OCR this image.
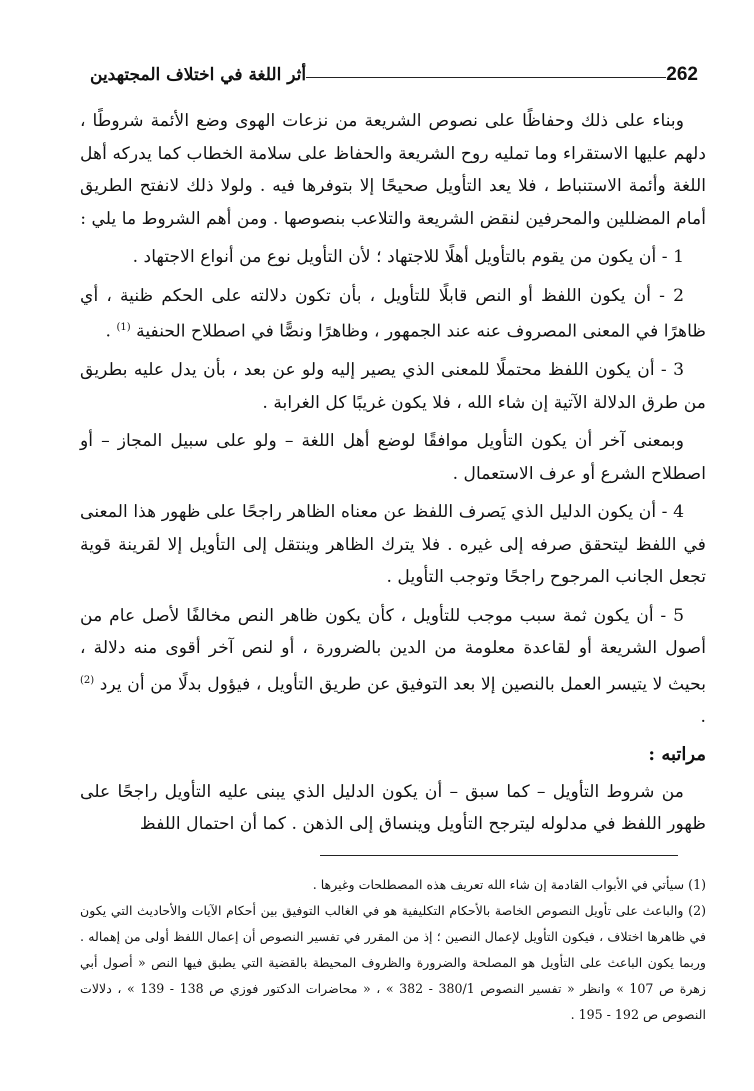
262
أثر اللغة في اختلاف المجتهدين

وبناء على ذلك وحفاظًا على نصوص الشريعة من نزعات الهوى وضع الأئمة شروطًا ، دلهم عليها الاستقراء وما تمليه روح الشريعة والحفاظ على سلامة الخطاب كما يدركه أهل اللغة وأئمة الاستنباط ، فلا يعد التأويل صحيحًا إلا بتوفرها فيه . ولولا ذلك لانفتح الطريق أمام المضللين والمحرفين لنقض الشريعة والتلاعب بنصوصها . ومن أهم الشروط ما يلي :

1 - أن يكون من يقوم بالتأويل أهلًا للاجتهاد ؛ لأن التأويل نوع من أنواع الاجتهاد .

2 - أن يكون اللفظ أو النص قابلًا للتأويل ، بأن تكون دلالته على الحكم ظنية ، أي ظاهرًا في المعنى المصروف عنه عند الجمهور ، وظاهرًا ونصًّا في اصطلاح الحنفية $^{(1)}$ .

3 - أن يكون اللفظ محتملًا للمعنى الذي يصير إليه ولو عن بعد ، بأن يدل عليه بطريق من طرق الدلالة الآتية إن شاء الله ، فلا يكون غريبًا كل الغرابة .

وبمعنى آخر أن يكون التأويل موافقًا لوضع أهل اللغة – ولو على سبيل المجاز – أو اصطلاح الشرع أو عرف الاستعمال .

4 - أن يكون الدليل الذي يَصرف اللفظ عن معناه الظاهر راجحًا على ظهور هذا المعنى في اللفظ ليتحقق صرفه إلى غيره . فلا يترك الظاهر وينتقل إلى التأويل إلا لقرينة قوية تجعل الجانب المرجوح راجحًا وتوجب التأويل .

5 - أن يكون ثمة سبب موجب للتأويل ، كأن يكون ظاهر النص مخالفًا لأصل عام من أصول الشريعة أو لقاعدة معلومة من الدين بالضرورة ، أو لنص آخر أقوى منه دلالة ، بحيث لا يتيسر العمل بالنصين إلا بعد التوفيق عن طريق التأويل ، فيؤول بدلًا من أن يرد $^{(2)}$ .

مراتبه :

من شروط التأويل – كما سبق – أن يكون الدليل الذي يبنى عليه التأويل راجحًا على ظهور اللفظ في مدلوله ليترجح التأويل وينساق إلى الذهن . كما أن احتمال اللفظ

(1) سيأتي في الأبواب القادمة إن شاء الله تعريف هذه المصطلحات وغيرها .

(2) والباعث على تأويل النصوص الخاصة بالأحكام التكليفية هو في الغالب التوفيق بين أحكام الآيات والأحاديث التي يكون في ظاهرها اختلاف ، فيكون التأويل لإعمال النصين ؛ إذ من المقرر في تفسير النصوص أن إعمال اللفظ أولى من إهماله . وربما يكون الباعث على التأويل هو المصلحة والضرورة والظروف المحيطة بالقضية التي يطبق فيها النص « أصول أبي زهرة ص 107 » وانظر « تفسير النصوص 380/1 - 382 » ، « محاضرات الدكتور فوزي ص 138 - 139 » ، دلالات النصوص ص 192 - 195 .
